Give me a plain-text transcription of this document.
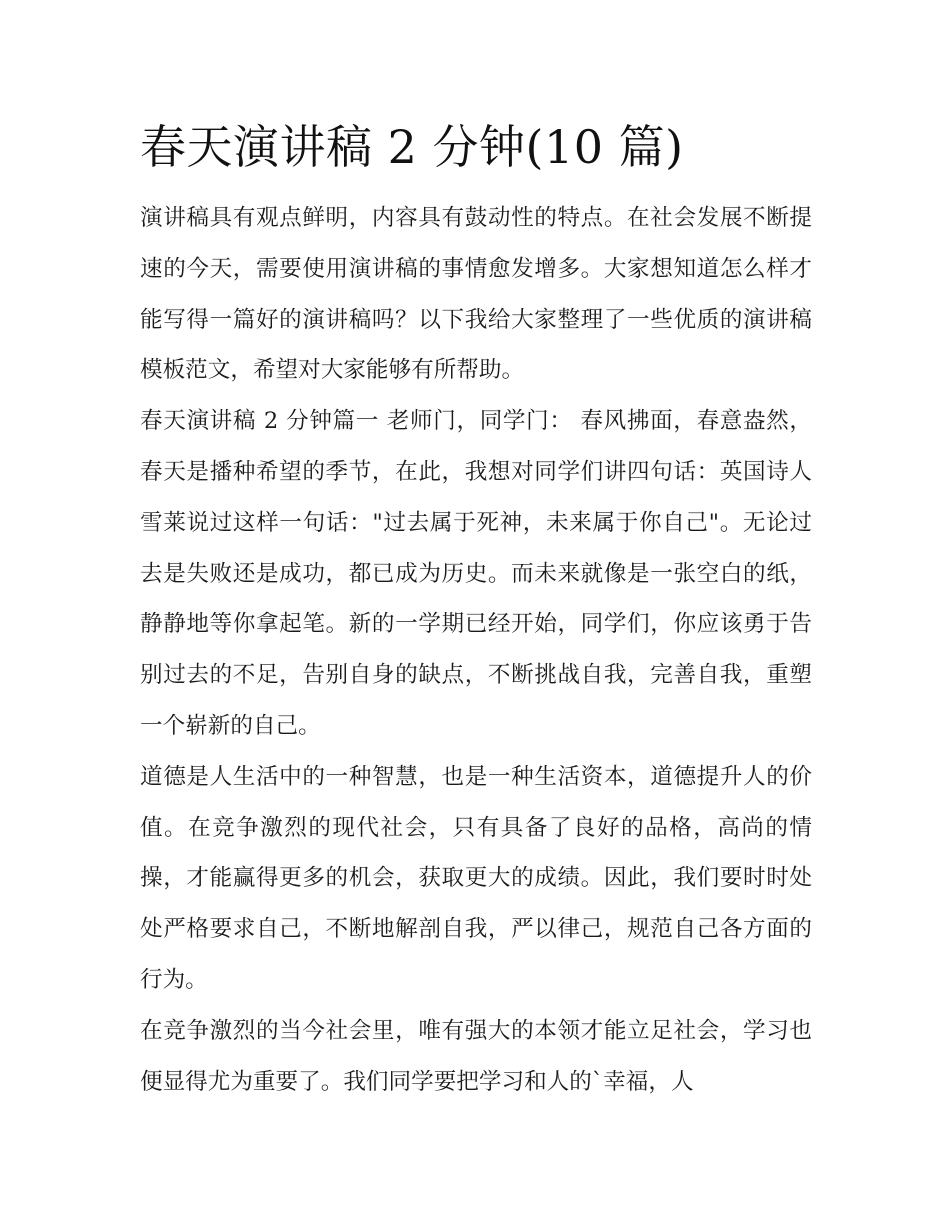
春天演讲稿 2 分钟(10 篇)

演讲稿具有观点鲜明，内容具有鼓动性的特点。在社会发展不断提速的今天，需要使用演讲稿的事情愈发增多。大家想知道怎么样才能写得一篇好的演讲稿吗？以下我给大家整理了一些优质的演讲稿模板范文，希望对大家能够有所帮助。

春天演讲稿 2 分钟篇一 老师门，同学门： 春风拂面，春意盎然，春天是播种希望的季节，在此，我想对同学们讲四句话：英国诗人雪莱说过这样一句话："过去属于死神，未来属于你自己"。无论过去是失败还是成功，都已成为历史。而未来就像是一张空白的纸，静静地等你拿起笔。新的一学期已经开始，同学们，你应该勇于告别过去的不足，告别自身的缺点，不断挑战自我，完善自我，重塑一个崭新的自己。

道德是人生活中的一种智慧，也是一种生活资本，道德提升人的价值。在竞争激烈的现代社会，只有具备了良好的品格，高尚的情操，才能赢得更多的机会，获取更大的成绩。因此，我们要时时处处严格要求自己，不断地解剖自我，严以律己，规范自己各方面的行为。

在竞争激烈的当今社会里，唯有强大的本领才能立足社会，学习也便显得尤为重要了。我们同学要把学习和人的`幸福，人
